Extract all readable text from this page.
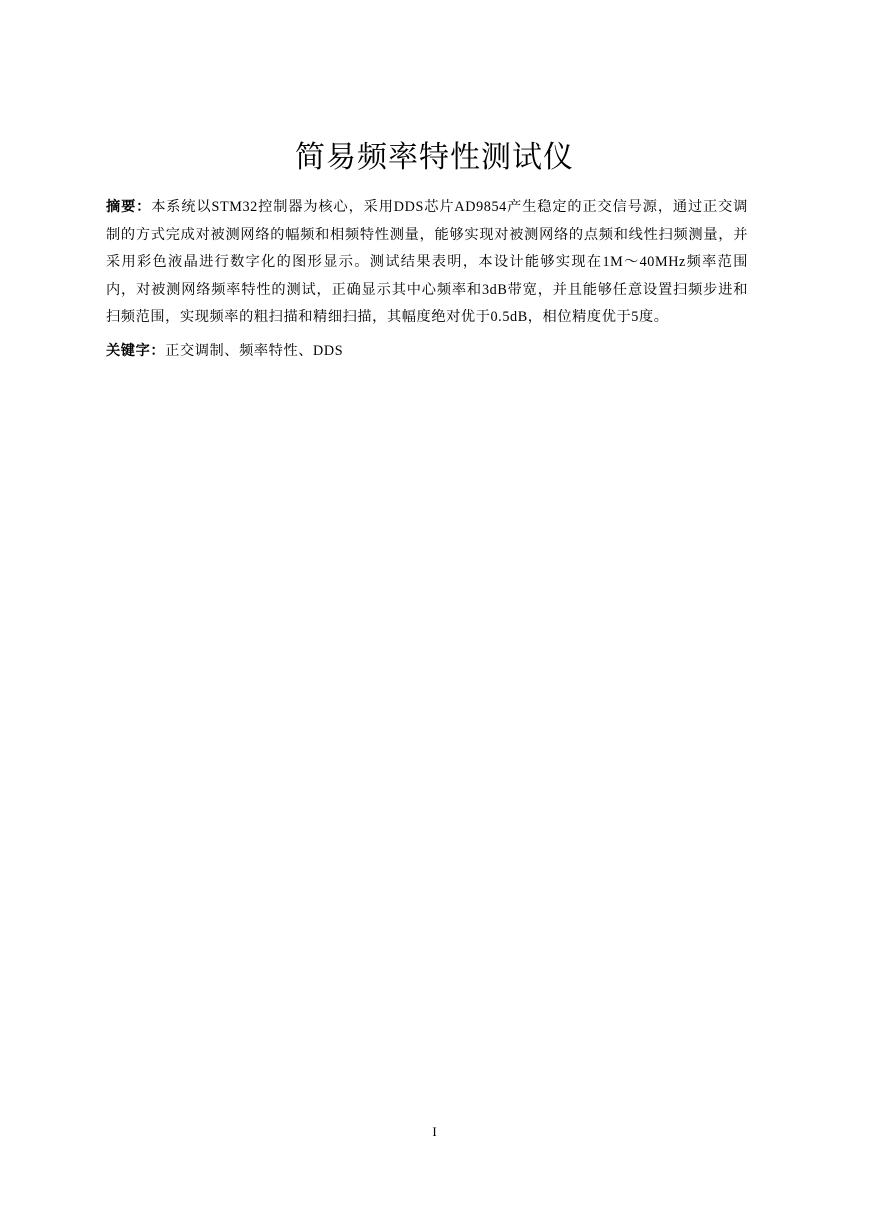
简易频率特性测试仪
摘要：本系统以STM32控制器为核心，采用DDS芯片AD9854产生稳定的正交信号源，通过正交调制的方式完成对被测网络的幅频和相频特性测量，能够实现对被测网络的点频和线性扫频测量，并采用彩色液晶进行数字化的图形显示。测试结果表明，本设计能够实现在1M～40MHz频率范围内，对被测网络频率特性的测试，正确显示其中心频率和3dB带宽，并且能够任意设置扫频步进和扫频范围，实现频率的粗扫描和精细扫描，其幅度绝对优于0.5dB，相位精度优于5度。
关键字：正交调制、频率特性、DDS
I
